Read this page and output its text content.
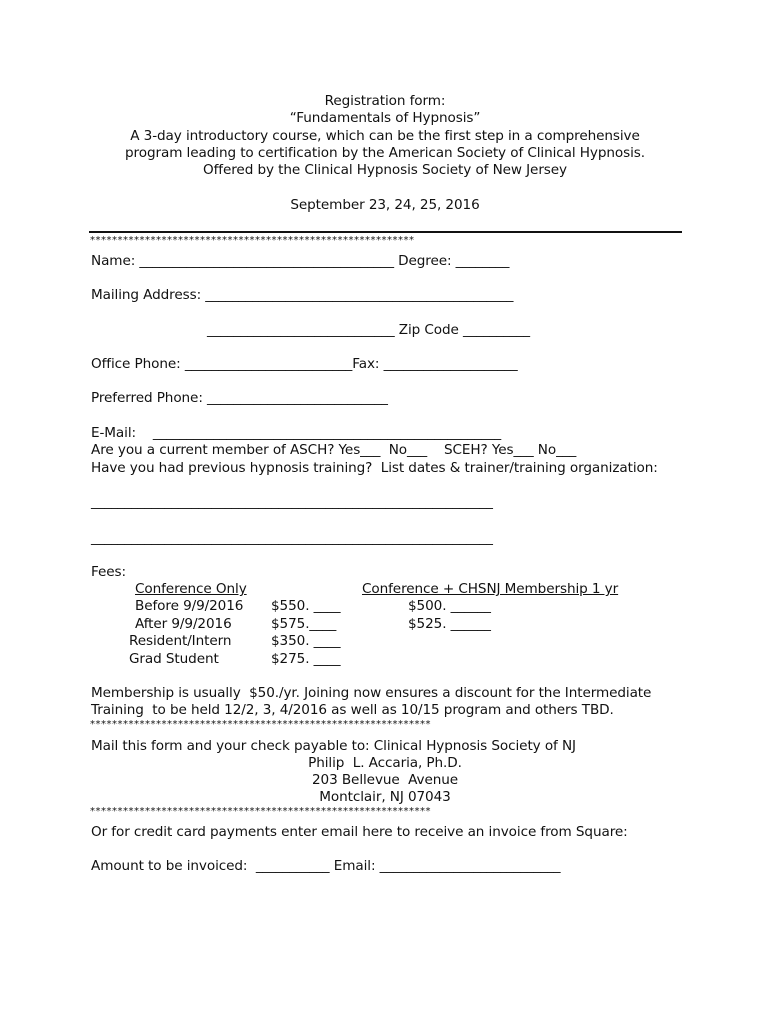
Registration form:
“Fundamentals of Hypnosis”
A 3-day introductory course, which can be the first step in a comprehensive
program leading to certification by the American Society of Clinical Hypnosis.
Offered by the Clinical Hypnosis Society of New Jersey
September 23, 24, 25, 2016
***********************************************************
Name: ______________________________________ Degree: ________
Mailing Address: ______________________________________________
____________________________ Zip Code __________
Office Phone: _________________________Fax: ____________________
Preferred Phone: ___________________________
E-Mail:    ____________________________________________________
Are you a current member of ASCH? Yes___  No___    SCEH? Yes___ No___
Have you had previous hypnosis training?  List dates & trainer/training organization:
____________________________________________________________
____________________________________________________________
Fees:
Conference Only	Conference + CHSNJ Membership 1 yr
Before 9/9/2016 $550. ____	$500. ______
After 9/9/2016	$575.____	$525. ______
Resident/Intern	$350. ____
Grad Student	$275. ____
Membership is usually  $50./yr. Joining now ensures a discount for the Intermediate
Training  to be held 12/2, 3, 4/2016 as well as 10/15 program and others TBD.
**************************************************************
Mail this form and your check payable to: Clinical Hypnosis Society of NJ
Philip  L. Accaria, Ph.D.
203 Bellevue  Avenue
Montclair, NJ 07043
**************************************************************
Or for credit card payments enter email here to receive an invoice from Square:
Amount to be invoiced:  ___________ Email: ___________________________
